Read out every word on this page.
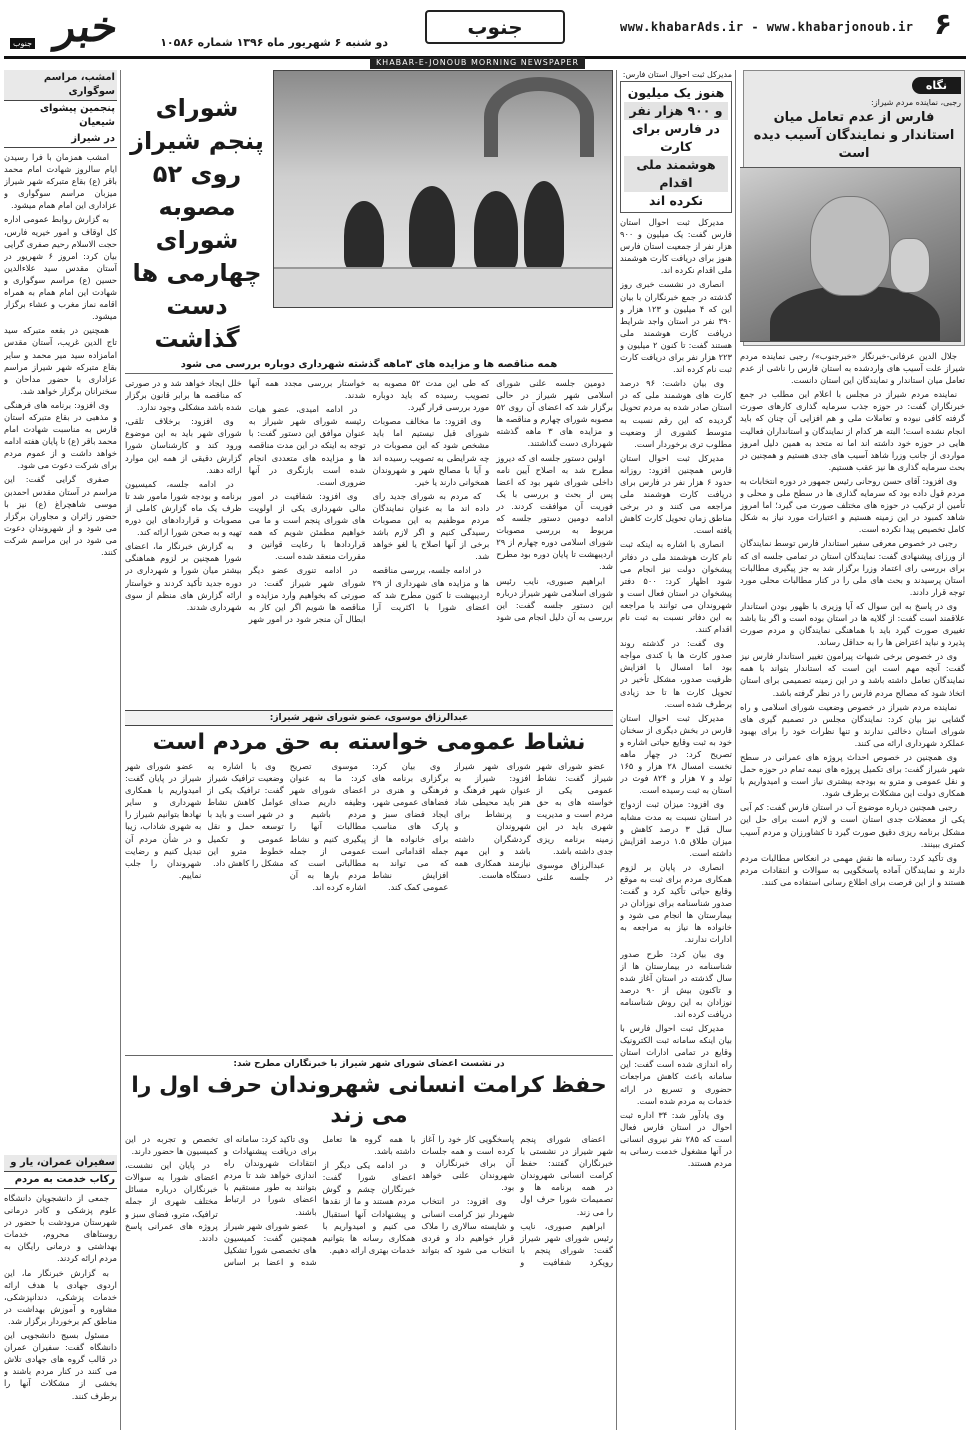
۶
www.khabarAds.ir - www.khabarjonoub.ir
جنوب
خبر
جنوب	دو شنبه ۶ شهریور ماه ۱۳۹۶ شماره ۱۰۵۸۶
KHABAR-E-JONOUB MORNING NEWSPAPER
نگاه
رجبی، نماینده مردم شیراز:
فارس از عدم تعامل میان استاندار و نمایندگان آسیب دیده است

جلال الدین عرفانی-خبرنگار «خبرجنوب»/ رجبی نماینده مردم شیراز علت آسیب های واردشده به استان فارس را ناشی از عدم تعامل میان استاندار و نمایندگان این استان دانست.

نماینده مردم شیراز در مجلس با اعلام این مطلب در جمع خبرنگاران گفت: در حوزه جذب سرمایه گذاری کارهای صورت گرفته کافی نبوده و تعاملات ملی و هم افزایی آن چنان که باید انجام نشده است؛ البته هر کدام از نمایندگان و استانداران فعالیت هایی در حوزه خود داشته اند اما نه متحد به همین دلیل امروز مواردی از جانب وزرا شاهد آسیب های جدی هستیم و همچنین در بحث سرمایه گذاری ها نیز عقب هستیم.

وی افزود: آقای حسن روحانی رئیس جمهور در دوره انتخابات به مردم قول داده بود که سرمایه گذاری ها در سطح ملی و محلی و تأمین از ترکیب در حوزه های مختلف صورت می گیرد؛ اما امروز شاهد کمبود در این زمینه هستیم و اعتبارات مورد نیاز به شکل کامل تخصیص پیدا نکرده است.

رجبی در خصوص معرفی سفیر استاندار فارس توسط نمایندگان از ورزای پیشنهادی گفت: نمایندگان استان در تمامی جلسه ای که برای بررسی رای اعتماد وزرا برگزار شد به جز پیگیری مطالبات استان پرسیدند و بحث های ملی را در کنار مطالبات محلی مورد توجه قرار دادند.

وی در پاسخ به این سوال که آیا وزیری با ظهور بودن استاندار علاقمند است گفت: از گلایه ها در استان بوده است و اگر بنا باشد تغییری صورت گیرد باید با هماهنگی نمایندگان و مردم صورت پذیرد و نباید اعتراض ها را به حداقل رساند.

وی در خصوص برخی شبهات پیرامون تغییر استاندار فارس نیز گفت: آنچه مهم است این است که استاندار بتواند با همه نمایندگان تعامل داشته باشد و در این زمینه تصمیمی برای استان اتخاذ شود که مصالح مردم فارس را در نظر گرفته باشد.

نماینده مردم شیراز در خصوص وضعیت شورای اسلامی و راه گشایی نیز بیان کرد: نمایندگان مجلس در تصمیم گیری های شورای استان دخالتی ندارند و تنها نظرات خود را برای بهبود عملکرد شهرداری ارائه می کنند.

وی همچنین در خصوص احداث پروژه های عمرانی در سطح شهر شیراز گفت: برای تکمیل پروژه های نیمه تمام در حوزه حمل و نقل عمومی و مترو به بودجه بیشتری نیاز است و امیدواریم با همکاری دولت این مشکلات برطرف شود.

رجبی همچنین درباره موضوع آب در استان فارس گفت: کم آبی یکی از معضلات جدی استان است و لازم است برای حل این مشکل برنامه ریزی دقیق صورت گیرد تا کشاورزان و مردم آسیب کمتری ببینند.

وی تأکید کرد: رسانه ها نقش مهمی در انعکاس مطالبات مردم دارند و نمایندگان آماده پاسخگویی به سوالات و انتقادات مردم هستند و از این فرصت برای اطلاع رسانی استفاده می کنند.

مدیرکل ثبت احوال استان فارس:
هنوز یک میلیون
و ۹۰۰ هزار نفر
در فارس برای کارت
هوشمند ملی اقدام
نکرده اند

مدیرکل ثبت احوال استان فارس گفت: یک میلیون و ۹۰۰ هزار نفر از جمعیت استان فارس هنوز برای دریافت کارت هوشمند ملی اقدام نکرده اند.

انصاری در نشست خبری روز گذشته در جمع خبرنگاران با بیان این که ۴ میلیون و ۱۲۳ هزار و ۳۹۰ نفر در استان واجد شرایط دریافت کارت هوشمند ملی هستند گفت: تا کنون ۲ میلیون و ۲۲۳ هزار نفر برای دریافت کارت ثبت نام کرده اند.

وی بیان داشت: ۹۶ درصد کارت های هوشمند ملی که در استان صادر شده به مردم تحویل گردیده که این رقم نسبت به متوسط کشوری از وضعیت مطلوب تری برخوردار است.

مدیرکل ثبت احوال استان فارس همچنین افزود: روزانه حدود ۶ هزار نفر در فارس برای دریافت کارت هوشمند ملی مراجعه می کنند و در برخی مناطق زمان تحویل کارت کاهش یافته است.

انصاری با اشاره به اینکه ثبت نام کارت هوشمند ملی در دفاتر پیشخوان دولت نیز انجام می شود اظهار کرد: ۵۰۰ دفتر پیشخوان در استان فعال است و شهروندان می توانند با مراجعه به این دفاتر نسبت به ثبت نام اقدام کنند.

وی گفت: در گذشته روند صدور کارت ها با کندی مواجه بود اما امسال با افزایش ظرفیت صدور، مشکل تأخیر در تحویل کارت ها تا حد زیادی برطرف شده است.

مدیرکل ثبت احوال استان فارس در بخش دیگری از سخنان خود به ثبت وقایع حیاتی اشاره و تصریح کرد: در چهار ماهه نخست امسال ۲۸ هزار و ۱۶۵ تولد و ۷ هزار و ۸۲۴ فوت در استان به ثبت رسیده است.

وی افزود: میزان ثبت ازدواج در استان نسبت به مدت مشابه سال قبل ۳ درصد کاهش و میزان طلاق ۱.۵ درصد افزایش داشته است.

انصاری در پایان بر لزوم همکاری مردم برای ثبت به موقع وقایع حیاتی تأکید کرد و گفت: صدور شناسنامه برای نوزادان در بیمارستان ها انجام می شود و خانواده ها نیاز به مراجعه به ادارات ندارند.

وی بیان کرد: طرح صدور شناسنامه در بیمارستان ها از سال گذشته در استان آغاز شده و تاکنون بیش از ۹۰ درصد نوزادان به این روش شناسنامه دریافت کرده اند.

مدیرکل ثبت احوال فارس با بیان اینکه سامانه ثبت الکترونیک وقایع در تمامی ادارات استان راه اندازی شده است گفت: این سامانه باعث کاهش مراجعات حضوری و تسریع در ارائه خدمات به مردم شده است.

وی یادآور شد: ۳۴ اداره ثبت احوال در استان فارس فعال است که ۲۸۵ نفر نیروی انسانی در آنها مشغول خدمت رسانی به مردم هستند.

شورای پنجم شیراز روی ۵۲ مصوبه شورای چهارمی ها دست گذاشت
همه مناقصه ها و مزایده های ۳ماهه گذشته شهرداری دوباره بررسی می شود

دومین جلسه علنی شورای اسلامی شهر شیراز در حالی برگزار شد که اعضای آن روی ۵۲ مصوبه شورای چهارم و مناقصه ها و مزایده های ۳ ماهه گذشته شهرداری دست گذاشتند.

اولین دستور جلسه ای که دیروز مطرح شد به اصلاح آیین نامه داخلی شورای شهر بود که اعضا پس از بحث و بررسی با یک فوریت آن موافقت کردند. در ادامه دومین دستور جلسه که مربوط به بررسی مصوبات شورای اسلامی دوره چهارم از ۲۹ اردیبهشت تا پایان دوره بود مطرح شد.

ابراهیم صبوری، نایب رئیس شورای اسلامی شهر شیراز درباره این دستور جلسه گفت: این بررسی به آن دلیل انجام می شود که طی این مدت ۵۲ مصوبه به تصویب رسیده که باید دوباره مورد بررسی قرار گیرد.

وی افزود: ما مخالف مصوبات شورای قبل نیستیم اما باید مشخص شود که این مصوبات در چه شرایطی به تصویب رسیده اند و آیا با مصالح شهر و شهروندان همخوانی دارند یا خیر.

که مردم به شورای جدید رای داده اند ما به عنوان نمایندگان مردم موظفیم به این مصوبات رسیدگی کنیم و اگر لازم باشد برخی از آنها اصلاح یا لغو خواهد شد.

در ادامه جلسه، بررسی مناقصه ها و مزایده های شهرداری از ۲۹ اردیبهشت تا کنون مطرح شد که اعضای شورا با اکثریت آرا خواستار بررسی مجدد همه آنها شدند.

در ادامه امیدی، عضو هیات رئیسه شورای شهر شیراز به عنوان موافق این دستور گفت: با توجه به اینکه در این مدت مناقصه ها و مزایده های متعددی انجام شده است بازنگری در آنها ضروری است.

وی افزود: شفافیت در امور مالی شهرداری یکی از اولویت های شورای پنجم است و ما می خواهیم مطمئن شویم که همه قراردادها با رعایت قوانین و مقررات منعقد شده است.

در ادامه تنوری عضو دیگر شورای شهر شیراز گفت: در صورتی که بخواهیم وارد مزایده و مناقصه ها شویم اگر این کار به ابطال آن منجر شود در امور شهر خلل ایجاد خواهد شد و در صورتی که مناقصه ها برابر قانون برگزار شده باشد مشکلی وجود ندارد.

وی افزود: برخلاف تلقی، شورای شهر باید به این موضوع ورود کند و کارشناسان شورا گزارش دقیقی از همه این موارد ارائه دهند.

در ادامه جلسه، کمیسیون برنامه و بودجه شورا مامور شد تا ظرف یک ماه گزارش کاملی از مصوبات و قراردادهای این دوره تهیه و به صحن شورا ارائه کند.

به گزارش خبرنگار ما، اعضای شورا همچنین بر لزوم هماهنگی بیشتر میان شورا و شهرداری در دوره جدید تأکید کردند و خواستار ارائه گزارش های منظم از سوی شهرداری شدند.

عبدالرزاق موسوی، عضو شورای شهر شیراز:
نشاط عمومی خواسته به حق مردم است

عضو شورای شهر شیراز گفت: نشاط عمومی یکی از خواسته های به حق مردم است و مدیریت شهری باید در این زمینه برنامه ریزی جدی داشته باشد.

عبدالرزاق موسوی در جلسه علنی شورای شهر شیراز افزود: شیراز به عنوان شهر فرهنگ و هنر باید محیطی شاد و پرنشاط برای شهروندان و گردشگران داشته باشد و این مهم نیازمند همکاری همه دستگاه هاست.

وی بیان کرد: برگزاری برنامه های فرهنگی و هنری در فضاهای عمومی شهر، ایجاد فضای سبز و پارک های مناسب برای خانواده ها از جمله اقداماتی است که می تواند به افزایش نشاط عمومی کمک کند.

موسوی تصریح کرد: ما به عنوان اعضای شورای شهر وظیفه داریم صدای مردم باشیم و مطالبات آنها را پیگیری کنیم و نشاط عمومی از جمله مطالباتی است که مردم بارها به آن اشاره کرده اند.

وی با اشاره به وضعیت ترافیک شیراز گفت: ترافیک یکی از عوامل کاهش نشاط در شهر است و باید با توسعه حمل و نقل عمومی و تکمیل خطوط مترو این مشکل را کاهش داد.

عضو شورای شهر شیراز در پایان گفت: امیدواریم با همکاری شهرداری و سایر نهادها بتوانیم شیراز را به شهری شاداب، زیبا و در شأن مردم آن تبدیل کنیم و رضایت شهروندان را جلب نماییم.

در نشست اعضای شورای شهر شیراز با خبرنگاران مطرح شد:
حفظ کرامت انسانی شهروندان حرف اول را می زند

اعضای شورای پنجم شهر شیراز در نشستی با خبرنگاران گفتند: حفظ کرامت انسانی شهروندان در همه برنامه ها و تصمیمات شورا حرف اول را می زند.

ابراهیم صبوری، نایب رئیس شورای شهر شیراز گفت: شورای پنجم با رویکرد شفافیت و پاسخگویی کار خود را آغاز کرده است و همه جلسات آن برای خبرنگاران و شهروندان علنی خواهد بود.

وی افزود: در انتخاب شهردار نیز کرامت انسانی و شایسته سالاری را ملاک قرار خواهیم داد و فردی انتخاب می شود که بتواند با همه گروه ها تعامل داشته باشد.

در ادامه یکی دیگر از اعضای شورا گفت: خبرنگاران چشم و گوش مردم هستند و ما از نقدها و پیشنهادات آنها استقبال می کنیم و امیدواریم با همکاری رسانه ها بتوانیم خدمات بهتری ارائه دهیم.

وی تاکید کرد: سامانه ای برای دریافت پیشنهادات و انتقادات شهروندان راه اندازی خواهد شد تا مردم بتوانند به طور مستقیم با اعضای شورا در ارتباط باشند.

عضو شورای شهر شیراز همچنین گفت: کمیسیون های تخصصی شورا تشکیل شده و اعضا بر اساس تخصص و تجربه در این کمیسیون ها حضور دارند.

در پایان این نشست، اعضای شورا به سوالات خبرنگاران درباره مسائل مختلف شهری از جمله ترافیک، مترو، فضای سبز و پروژه های عمرانی پاسخ دادند.

امشب، مراسم سوگواری
پنجمین پیشوای شیعیان
در شیراز

امشب همزمان با فرا رسیدن ایام سالروز شهادت امام محمد باقر (ع) بقاع متبرکه شهر شیراز میزبان مراسم سوگواری و عزاداری این امام همام میشود.

به گزارش روابط عمومی اداره کل اوقاف و امور خیریه فارس، حجت الاسلام رحیم صفری گرایی بیان کرد: امروز ۶ شهریور در آستان مقدس سید علاءالدین حسین (ع) مراسم سوگواری و شهادت این امام همام به همراه اقامه نماز مغرب و عشاء برگزار میشود.

همچنین در بقعه متبرکه سید تاج الدین غریب، آستان مقدس امامزاده سید میر محمد و سایر بقاع متبرکه شهر شیراز مراسم عزاداری با حضور مداحان و سخنرانان برگزار خواهد شد.

وی افزود: برنامه های فرهنگی و مذهبی در بقاع متبرکه استان فارس به مناسبت شهادت امام محمد باقر (ع) تا پایان هفته ادامه خواهد داشت و از عموم مردم برای شرکت دعوت می شود.

صفری گرایی گفت: این مراسم در آستان مقدس احمدبن موسی شاهچراغ (ع) نیز با حضور زائران و مجاوران برگزار می شود و از شهروندان دعوت می شود در این مراسم شرکت کنند.

سفیران عمران، یار و
رکاب خدمت به مردم

جمعی از دانشجویان دانشگاه علوم پزشکی و کادر درمانی شهرستان مرودشت با حضور در روستاهای محروم، خدمات بهداشتی و درمانی رایگان به مردم ارائه کردند.

به گزارش خبرنگار ما، این اردوی جهادی با هدف ارائه خدمات پزشکی، دندانپزشکی، مشاوره و آموزش بهداشت در مناطق کم برخوردار برگزار شد.

مسئول بسیج دانشجویی این دانشگاه گفت: سفیران عمران در قالب گروه های جهادی تلاش می کنند در کنار مردم باشند و بخشی از مشکلات آنها را برطرف کنند.
